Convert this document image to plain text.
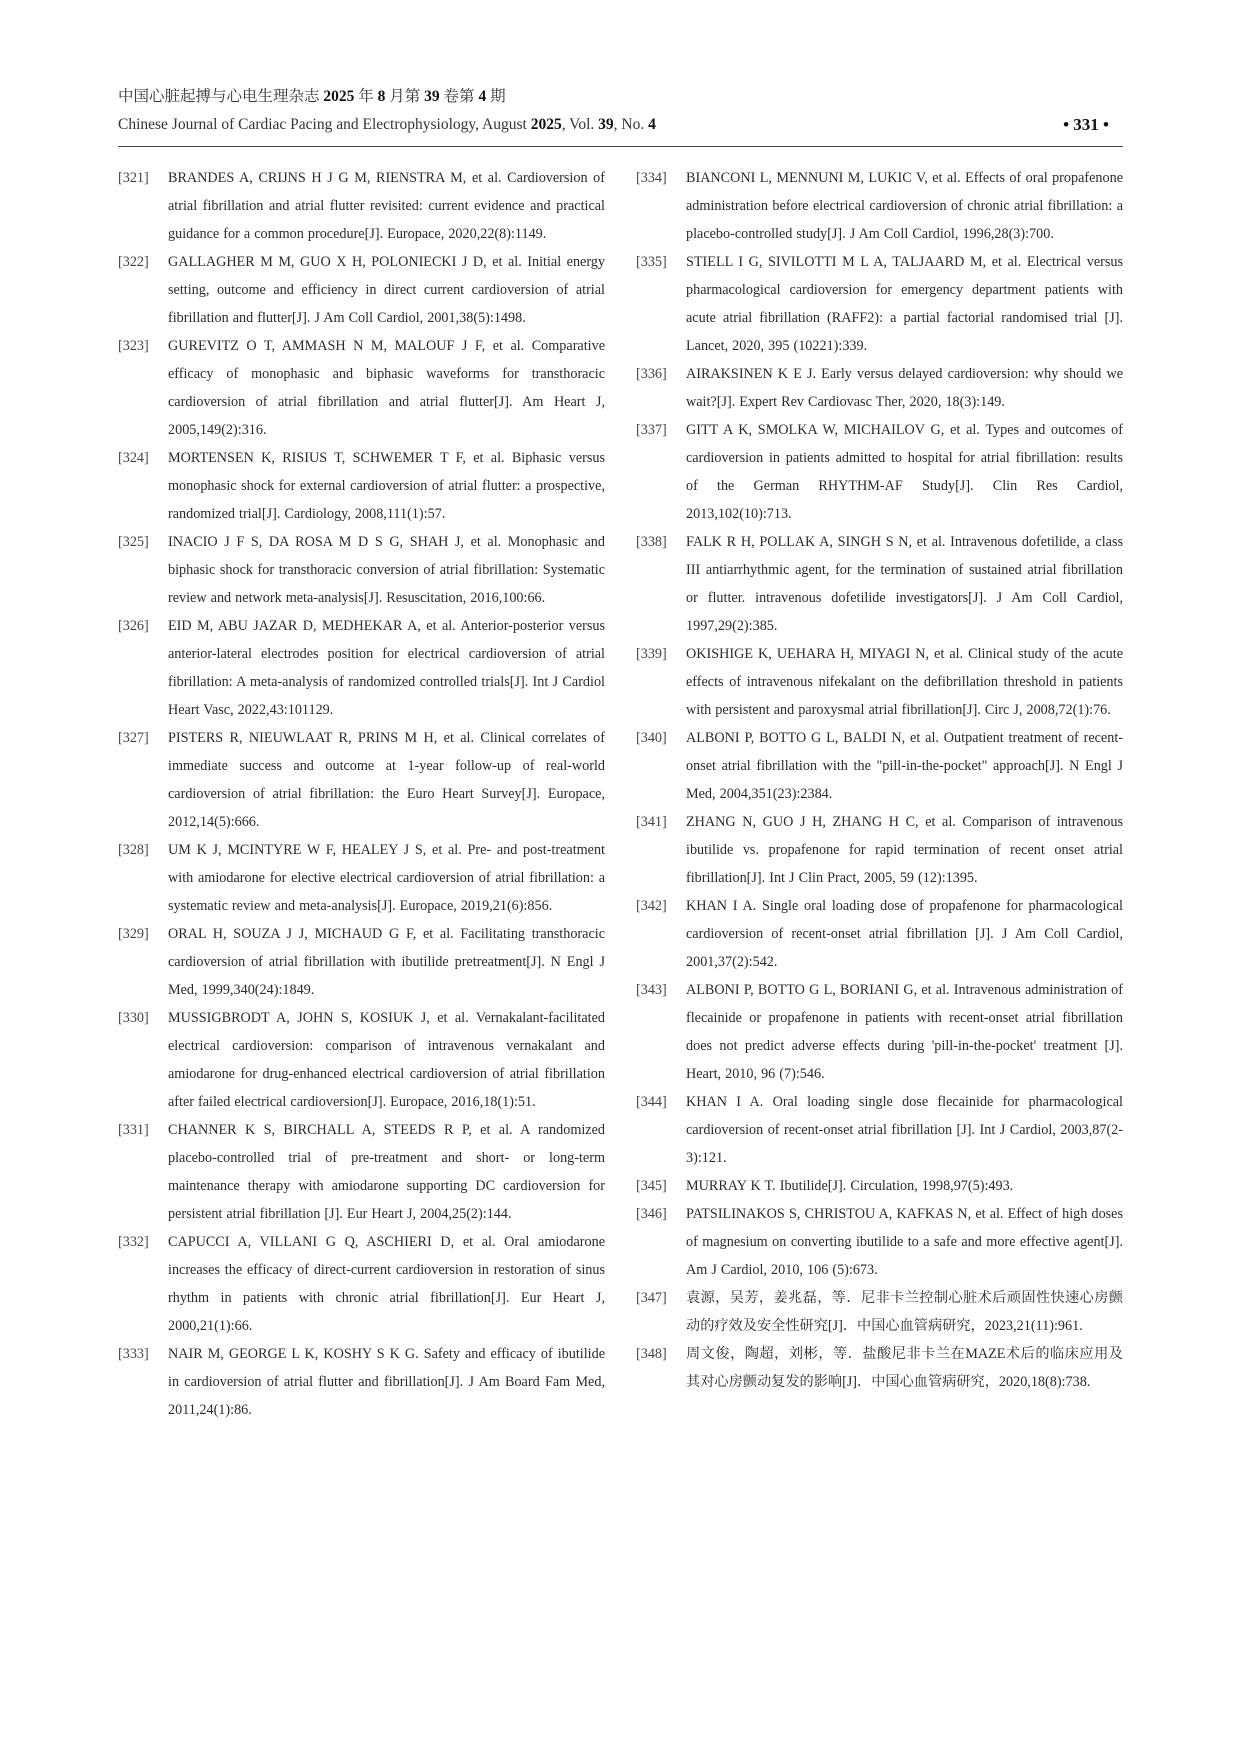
中国心脏起搏与心电生理杂志 2025 年 8 月第 39 卷第 4 期
Chinese Journal of Cardiac Pacing and Electrophysiology, August 2025, Vol. 39, No. 4	• 331 •
[321]	BRANDES A, CRIJNS H J G M, RIENSTRA M, et al. Cardioversion of atrial fibrillation and atrial flutter revisited: current evidence and practical guidance for a common procedure[J]. Europace, 2020,22(8):1149.
[322]	GALLAGHER M M, GUO X H, POLONIECKI J D, et al. Initial energy setting, outcome and efficiency in direct current cardioversion of atrial fibrillation and flutter[J]. J Am Coll Cardiol, 2001,38(5):1498.
[323]	GUREVITZ O T, AMMASH N M, MALOUF J F, et al. Comparative efficacy of monophasic and biphasic waveforms for transthoracic cardioversion of atrial fibrillation and atrial flutter[J]. Am Heart J, 2005,149(2):316.
[324]	MORTENSEN K, RISIUS T, SCHWEMER T F, et al. Biphasic versus monophasic shock for external cardioversion of atrial flutter: a prospective, randomized trial[J]. Cardiology, 2008,111(1):57.
[325]	INACIO J F S, DA ROSA M D S G, SHAH J, et al. Monophasic and biphasic shock for transthoracic conversion of atrial fibrillation: Systematic review and network meta-analysis[J]. Resuscitation, 2016,100:66.
[326]	EID M, ABU JAZAR D, MEDHEKAR A, et al. Anterior-posterior versus anterior-lateral electrodes position for electrical cardioversion of atrial fibrillation: A meta-analysis of randomized controlled trials[J]. Int J Cardiol Heart Vasc, 2022,43:101129.
[327]	PISTERS R, NIEUWLAAT R, PRINS M H, et al. Clinical correlates of immediate success and outcome at 1-year follow-up of real-world cardioversion of atrial fibrillation: the Euro Heart Survey[J]. Europace, 2012,14(5):666.
[328]	UM K J, MCINTYRE W F, HEALEY J S, et al. Pre- and post-treatment with amiodarone for elective electrical cardioversion of atrial fibrillation: a systematic review and meta-analysis[J]. Europace, 2019,21(6):856.
[329]	ORAL H, SOUZA J J, MICHAUD G F, et al. Facilitating transthoracic cardioversion of atrial fibrillation with ibutilide pretreatment[J]. N Engl J Med, 1999,340(24):1849.
[330]	MUSSIGBRODT A, JOHN S, KOSIUK J, et al. Vernakalant-facilitated electrical cardioversion: comparison of intravenous vernakalant and amiodarone for drug-enhanced electrical cardioversion of atrial fibrillation after failed electrical cardioversion[J]. Europace, 2016,18(1):51.
[331]	CHANNER K S, BIRCHALL A, STEEDS R P, et al. A randomized placebo-controlled trial of pre-treatment and short- or long-term maintenance therapy with amiodarone supporting DC cardioversion for persistent atrial fibrillation [J]. Eur Heart J, 2004,25(2):144.
[332]	CAPUCCI A, VILLANI G Q, ASCHIERI D, et al. Oral amiodarone increases the efficacy of direct-current cardioversion in restoration of sinus rhythm in patients with chronic atrial fibrillation[J]. Eur Heart J, 2000,21(1):66.
[333]	NAIR M, GEORGE L K, KOSHY S K G. Safety and efficacy of ibutilide in cardioversion of atrial flutter and fibrillation[J]. J Am Board Fam Med, 2011,24(1):86.
[334]	BIANCONI L, MENNUNI M, LUKIC V, et al. Effects of oral propafenone administration before electrical cardioversion of chronic atrial fibrillation: a placebo-controlled study[J]. J Am Coll Cardiol, 1996,28(3):700.
[335]	STIELL I G, SIVILOTTI M L A, TALJAARD M, et al. Electrical versus pharmacological cardioversion for emergency department patients with acute atrial fibrillation (RAFF2): a partial factorial randomised trial [J]. Lancet, 2020, 395 (10221):339.
[336]	AIRAKSINEN K E J. Early versus delayed cardioversion: why should we wait?[J]. Expert Rev Cardiovasc Ther, 2020, 18(3):149.
[337]	GITT A K, SMOLKA W, MICHAILOV G, et al. Types and outcomes of cardioversion in patients admitted to hospital for atrial fibrillation: results of the German RHYTHM-AF Study[J]. Clin Res Cardiol, 2013,102(10):713.
[338]	FALK R H, POLLAK A, SINGH S N, et al. Intravenous dofetilide, a class III antiarrhythmic agent, for the termination of sustained atrial fibrillation or flutter. intravenous dofetilide investigators[J]. J Am Coll Cardiol, 1997,29(2):385.
[339]	OKISHIGE K, UEHARA H, MIYAGI N, et al. Clinical study of the acute effects of intravenous nifekalant on the defibrillation threshold in patients with persistent and paroxysmal atrial fibrillation[J]. Circ J, 2008,72(1):76.
[340]	ALBONI P, BOTTO G L, BALDI N, et al. Outpatient treatment of recent-onset atrial fibrillation with the "pill-in-the-pocket" approach[J]. N Engl J Med, 2004,351(23):2384.
[341]	ZHANG N, GUO J H, ZHANG H C, et al. Comparison of intravenous ibutilide vs. propafenone for rapid termination of recent onset atrial fibrillation[J]. Int J Clin Pract, 2005, 59 (12):1395.
[342]	KHAN I A. Single oral loading dose of propafenone for pharmacological cardioversion of recent-onset atrial fibrillation [J]. J Am Coll Cardiol, 2001,37(2):542.
[343]	ALBONI P, BOTTO G L, BORIANI G, et al. Intravenous administration of flecainide or propafenone in patients with recent-onset atrial fibrillation does not predict adverse effects during 'pill-in-the-pocket' treatment [J]. Heart, 2010, 96 (7):546.
[344]	KHAN I A. Oral loading single dose flecainide for pharmacological cardioversion of recent-onset atrial fibrillation [J]. Int J Cardiol, 2003,87(2-3):121.
[345]	MURRAY K T. Ibutilide[J]. Circulation, 1998,97(5):493.
[346]	PATSILINAKOS S, CHRISTOU A, KAFKAS N, et al. Effect of high doses of magnesium on converting ibutilide to a safe and more effective agent[J]. Am J Cardiol, 2010, 106 (5):673.
[347]	袁源，吴芳，姜兆磊，等．尼非卡兰控制心脏术后顽固性快速心房颤动的疗效及安全性研究[J]．中国心血管病研究，2023,21(11):961.
[348]	周文俊，陶超，刘彬，等．盐酸尼非卡兰在MAZE术后的临床应用及其对心房颤动复发的影响[J]．中国心血管病研究，2020,18(8):738.
